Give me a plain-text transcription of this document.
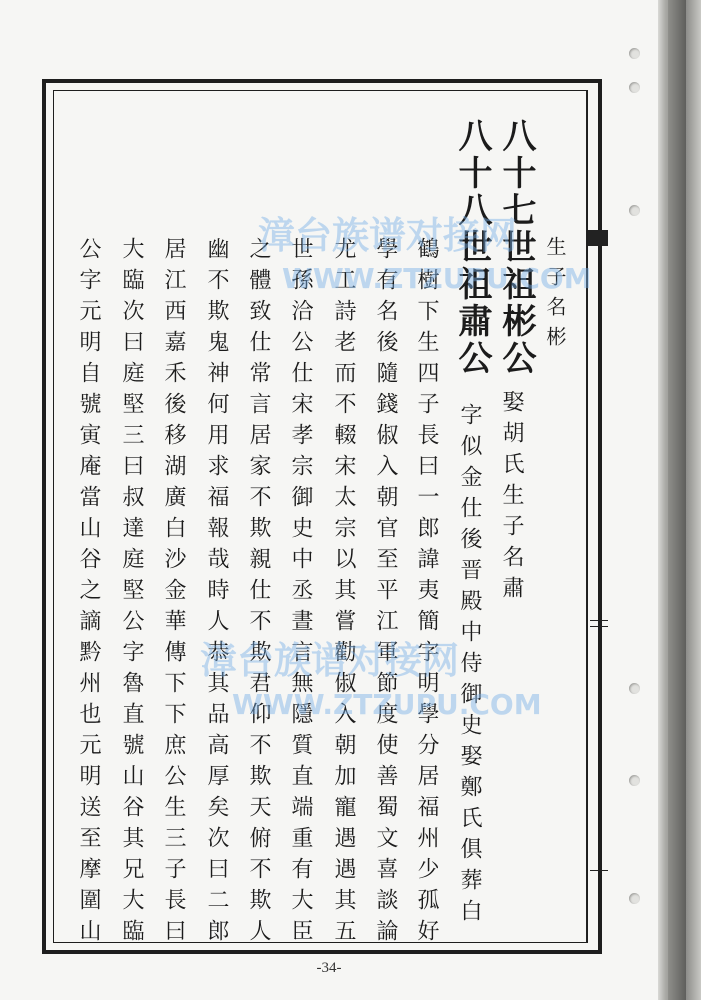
八十七世祖彬公
八十八世祖肅公	生子名彬
娶胡氏生子名肅
字似金仕後晋殿中侍御史娶鄭氏俱葬白
鶴樹下生四子長曰一郎諱夷簡字明學分居福州少孤好
學有名後隨錢俶入朝官至平江軍節度使善蜀文喜談論
尤工詩老而不輟宋太宗以其嘗勸俶入朝加寵遇遇其五
世孫洽公仕宋孝宗御史中丞晝言無隱質直端重有大臣
之體致仕常言居家不欺親仕不欺君仰不欺天俯不欺人
幽不欺鬼神何用求福報哉時人恭其品高厚矣次曰二郎
居江西嘉禾後移湖廣白沙金華傳下下庶公生三子長曰
大臨次曰庭堅三曰叔達庭堅公字魯直號山谷其兄大臨
公字元明自號寅庵當山谷之謫黔州也元明送至摩圍山
-34-
漳台族谱对接网
WWW.ZTZUPU.COM
漳台族谱对接网
WWW.ZTZUPU.COM
